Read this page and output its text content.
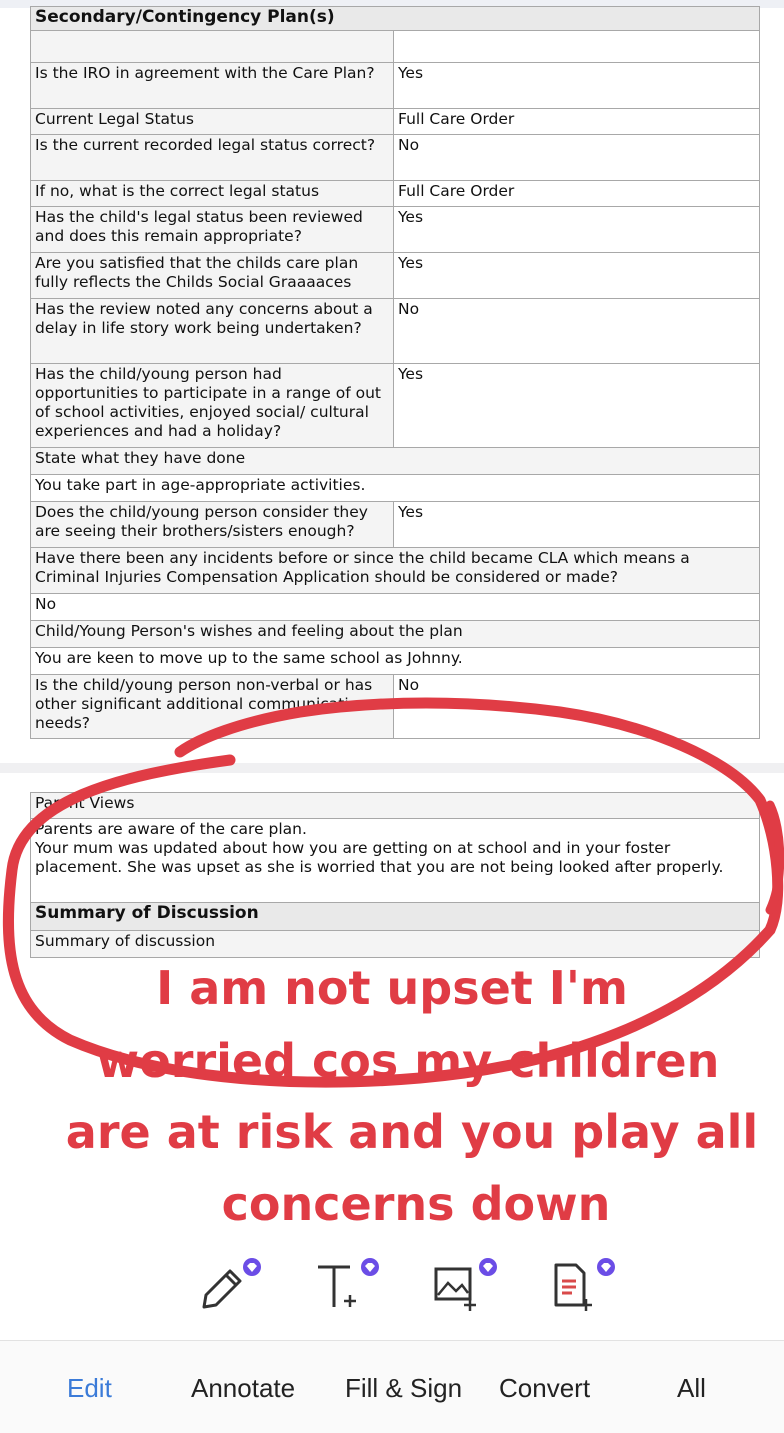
Secondary/Contingency Plan(s)	

Is the IRO in agreement with the Care Plan?	Yes
Current Legal Status	Full Care Order
Is the current recorded legal status correct?	No
If no, what is the correct legal status	Full Care Order
Has the child's legal status been reviewed and does this remain appropriate?	Yes
Are you satisfied that the childs care plan fully reflects the Childs Social Graaaaces	Yes
Has the review noted any concerns about a delay in life story work being undertaken?	No
Has the child/young person had opportunities to participate in a range of out of school activities, enjoyed social/ cultural experiences and had a holiday?	Yes
State what they have done	
You take part in age-appropriate activities.	
Does the child/young person consider they are seeing their brothers/sisters enough?	Yes
Have there been any incidents before or since the child became CLA which means a Criminal Injuries Compensation Application should be considered or made?	
No	
Child/Young Person's wishes and feeling about the plan	
You are keen to move up to the same school as Johnny.	
Is the child/young person non-verbal or has other significant additional communication needs?	No
Parent Views

Parents are aware of the care plan.
Your mum was updated about how you are getting on at school and in your foster placement. She was upset as she is worried that you are not being looked after properly.

Summary of Discussion
Summary of discussion
I am not upset I'm
worried cos my children
are at risk and you play all
concerns down
Edit	Annotate Fill & Sign Convert	All
